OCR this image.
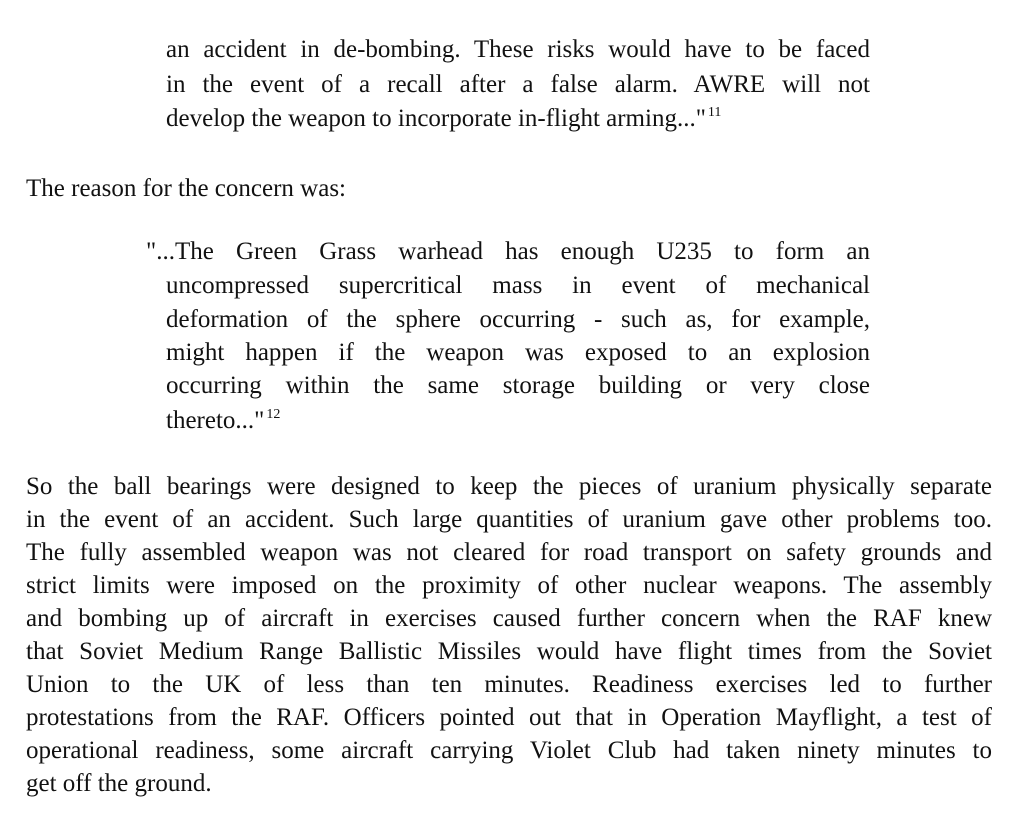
an accident in de-bombing. These risks would have to be faced
in the event of a recall after a false alarm. AWRE will not
develop the weapon to incorporate in-flight arming..." $^{11}$
The reason for the concern was:
"...The Green Grass warhead has enough U235 to form an
uncompressed supercritical mass in event of mechanical
deformation of the sphere occurring - such as, for example,
might happen if the weapon was exposed to an explosion
occurring within the same storage building or very close
thereto..." $^{12}$
So the ball bearings were designed to keep the pieces of uranium physically separate
in the event of an accident. Such large quantities of uranium gave other problems too.
The fully assembled weapon was not cleared for road transport on safety grounds and
strict limits were imposed on the proximity of other nuclear weapons. The assembly
and bombing up of aircraft in exercises caused further concern when the RAF knew
that Soviet Medium Range Ballistic Missiles would have flight times from the Soviet
Union to the UK of less than ten minutes. Readiness exercises led to further
protestations from the RAF. Officers pointed out that in Operation Mayflight, a test of
operational readiness, some aircraft carrying Violet Club had taken ninety minutes to
get off the ground.
